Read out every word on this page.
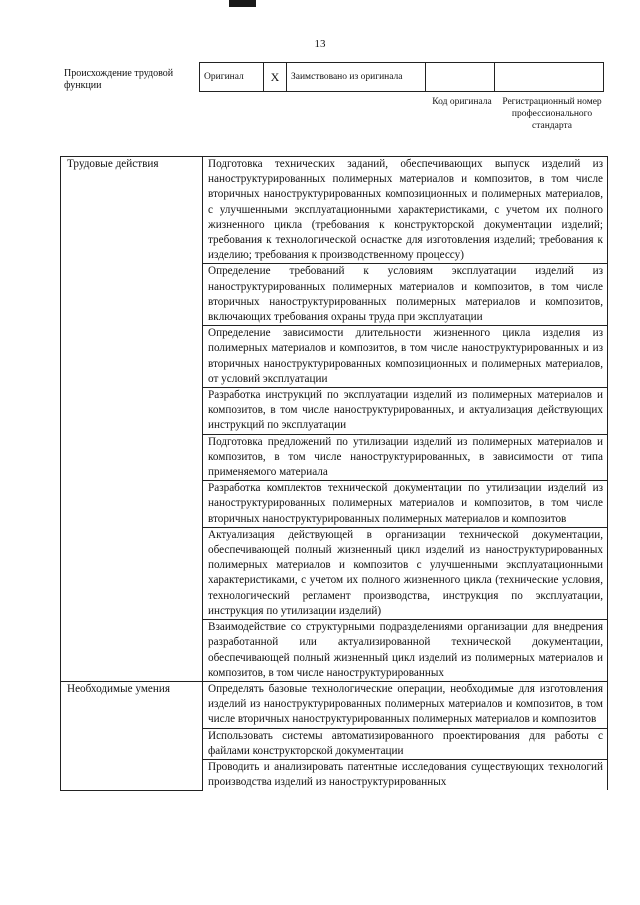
13
Происхождение трудовой функции
Оригинал	X	Заимствовано из оригинала		
Код оригинала	Регистрационный номер профессионального стандарта
Трудовые действия	Подготовка технических заданий, обеспечивающих выпуск изделий из наноструктурированных полимерных материалов и композитов, в том числе вторичных наноструктурированных композиционных и полимерных материалов, с улучшенными эксплуатационными характеристиками, с учетом их полного жизненного цикла (требования к конструкторской документации изделий; требования к технологической оснастке для изготовления изделий; требования к изделию; требования к производственному процессу)
	Определение требований к условиям эксплуатации изделий из наноструктурированных полимерных материалов и композитов, в том числе вторичных наноструктурированных полимерных материалов и композитов, включающих требования охраны труда при эксплуатации
	Определение зависимости длительности жизненного цикла изделия из полимерных материалов и композитов, в том числе наноструктурированных и из вторичных наноструктурированных композиционных и полимерных материалов, от условий эксплуатации
	Разработка инструкций по эксплуатации изделий из полимерных материалов и композитов, в том числе наноструктурированных, и актуализация действующих инструкций по эксплуатации
	Подготовка предложений по утилизации изделий из полимерных материалов и композитов, в том числе наноструктурированных, в зависимости от типа применяемого материала
	Разработка комплектов технической документации по утилизации изделий из наноструктурированных полимерных материалов и композитов, в том числе вторичных наноструктурированных полимерных материалов и композитов
	Актуализация действующей в организации технической документации, обеспечивающей полный жизненный цикл изделий из наноструктурированных полимерных материалов и композитов с улучшенными эксплуатационными характеристиками, с учетом их полного жизненного цикла (технические условия, технологический регламент производства, инструкция по эксплуатации, инструкция по утилизации изделий)
	Взаимодействие со структурными подразделениями организации для внедрения разработанной или актуализированной технической документации, обеспечивающей полный жизненный цикл изделий из полимерных материалов и композитов, в том числе наноструктурированных
Необходимые умения	Определять базовые технологические операции, необходимые для изготовления изделий из наноструктурированных полимерных материалов и композитов, в том числе вторичных наноструктурированных полимерных материалов и композитов
	Использовать системы автоматизированного проектирования для работы с файлами конструкторской документации
	Проводить и анализировать патентные исследования существующих технологий производства изделий из наноструктурированных
